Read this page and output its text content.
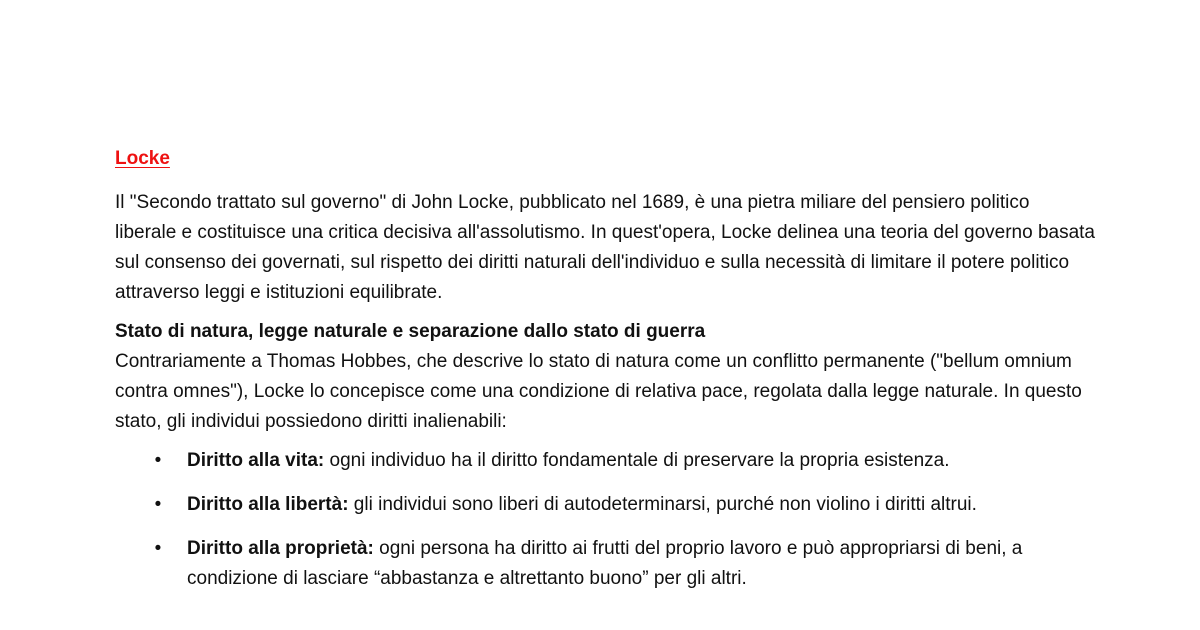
Locke

Il "Secondo trattato sul governo" di John Locke, pubblicato nel 1689, è una pietra miliare del pensiero politico liberale e costituisce una critica decisiva all'assolutismo. In quest'opera, Locke delinea una teoria del governo basata sul consenso dei governati, sul rispetto dei diritti naturali dell'individuo e sulla necessità di limitare il potere politico attraverso leggi e istituzioni equilibrate.

Stato di natura, legge naturale e separazione dallo stato di guerra

Contrariamente a Thomas Hobbes, che descrive lo stato di natura come un conflitto permanente ("bellum omnium contra omnes"), Locke lo concepisce come una condizione di relativa pace, regolata dalla legge naturale. In questo stato, gli individui possiedono diritti inalienabili:

• Diritto alla vita: ogni individuo ha il diritto fondamentale di preservare la propria esistenza.
• Diritto alla libertà: gli individui sono liberi di autodeterminarsi, purché non violino i diritti altrui.
• Diritto alla proprietà: ogni persona ha diritto ai frutti del proprio lavoro e può appropriarsi di beni, a condizione di lasciare “abbastanza e altrettanto buono” per gli altri.
